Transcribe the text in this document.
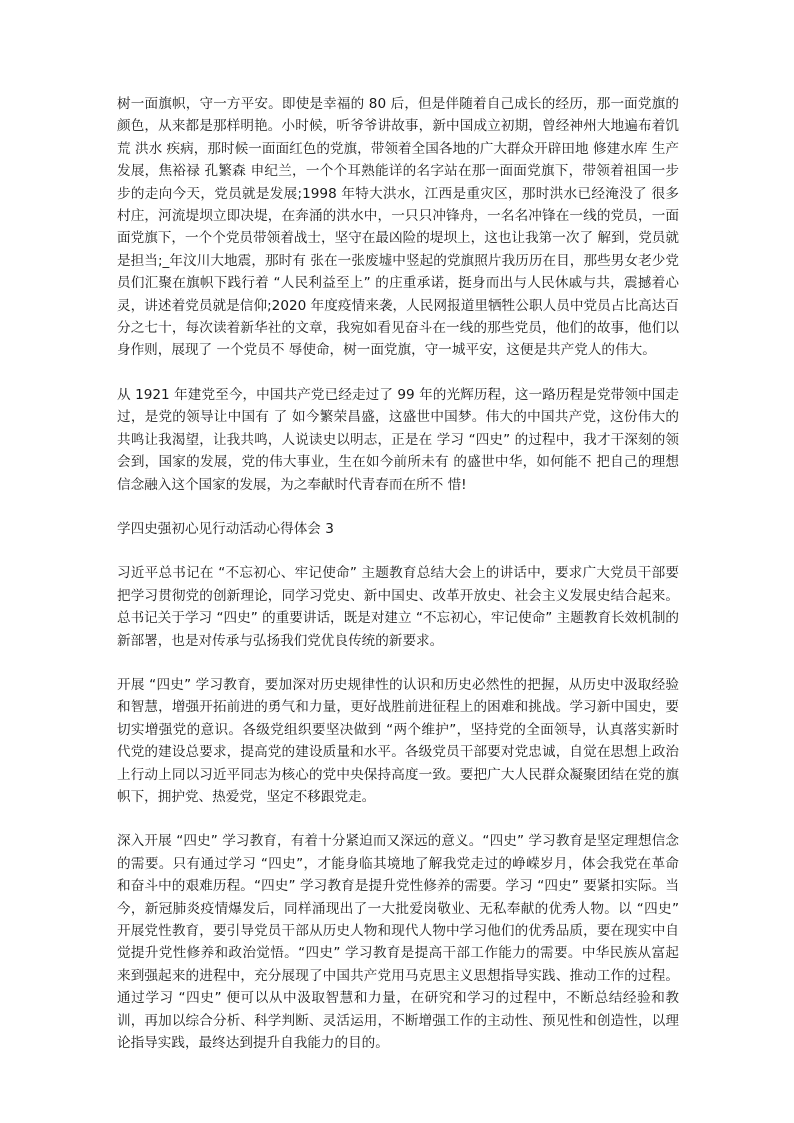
树一面旗帜，守一方平安。即使是幸福的 80 后，但是伴随着自己成长的经历，那一面党旗的颜色，从来都是那样明艳。小时候，听爷爷讲故事，新中国成立初期，曾经神州大地遍布着饥荒 洪水 疾病，那时候一面面红色的党旗，带领着全国各地的广大群众开辟田地 修建水库 生产发展，焦裕禄 孔繁森 申纪兰，一个个耳熟能详的名字站在那一面面党旗下，带领着祖国一步步的走向今天，党员就是发展;1998 年特大洪水，江西是重灾区，那时洪水已经淹没了 很多村庄，河流堤坝立即决堤，在奔涌的洪水中，一只只冲锋舟，一名名冲锋在一线的党员，一面面党旗下，一个个党员带领着战士，坚守在最凶险的堤坝上，这也让我第一次了 解到，党员就是担当;_年汶川大地震，那时有 张在一张废墟中竖起的党旗照片我历历在目，那些男女老少党员们汇聚在旗帜下践行着 “人民利益至上” 的庄重承诺，挺身而出与人民休戚与共，震撼着心灵，讲述着党员就是信仰;2020 年度疫情来袭，人民网报道里牺牲公职人员中党员占比高达百分之七十，每次读着新华社的文章，我宛如看见奋斗在一线的那些党员，他们的故事，他们以身作则，展现了 一个党员不 辱使命，树一面党旗，守一城平安，这便是共产党人的伟大。

从 1921 年建党至今，中国共产党已经走过了 99 年的光辉历程，这一路历程是党带领中国走过，是党的领导让中国有 了 如今繁荣昌盛，这盛世中国梦。伟大的中国共产党，这份伟大的共鸣让我渴望，让我共鸣，人说读史以明志，正是在 学习 “四史” 的过程中，我才干深刻的领会到，国家的发展，党的伟大事业，生在如今前所未有 的盛世中华，如何能不 把自己的理想信念融入这个国家的发展，为之奉献时代青春而在所不 惜!

学四史强初心见行动活动心得体会 3

习近平总书记在 “不忘初心、牢记使命” 主题教育总结大会上的讲话中，要求广大党员干部要把学习贯彻党的创新理论，同学习党史、新中国史、改革开放史、社会主义发展史结合起来。总书记关于学习 “四史” 的重要讲话，既是对建立 “不忘初心，牢记使命” 主题教育长效机制的新部署，也是对传承与弘扬我们党优良传统的新要求。

开展 “四史” 学习教育，要加深对历史规律性的认识和历史必然性的把握，从历史中汲取经验和智慧，增强开拓前进的勇气和力量，更好战胜前进征程上的困难和挑战。学习新中国史，要切实增强党的意识。各级党组织要坚决做到 “两个维护”，坚持党的全面领导，认真落实新时代党的建设总要求，提高党的建设质量和水平。各级党员干部要对党忠诚，自觉在思想上政治上行动上同以习近平同志为核心的党中央保持高度一致。要把广大人民群众凝聚团结在党的旗帜下，拥护党、热爱党，坚定不移跟党走。

深入开展 “四史” 学习教育，有着十分紧迫而又深远的意义。“四史” 学习教育是坚定理想信念的需要。只有通过学习 “四史”，才能身临其境地了解我党走过的峥嵘岁月，体会我党在革命和奋斗中的艰难历程。“四史” 学习教育是提升党性修养的需要。学习 “四史” 要紧扣实际。当今，新冠肺炎疫情爆发后，同样涌现出了一大批爱岗敬业、无私奉献的优秀人物。以 “四史” 开展党性教育，要引导党员干部从历史人物和现代人物中学习他们的优秀品质，要在现实中自觉提升党性修养和政治觉悟。“四史” 学习教育是提高干部工作能力的需要。中华民族从富起来到强起来的进程中，充分展现了中国共产党用马克思主义思想指导实践、推动工作的过程。通过学习 “四史” 便可以从中汲取智慧和力量，在研究和学习的过程中，不断总结经验和教训，再加以综合分析、科学判断、灵活运用，不断增强工作的主动性、预见性和创造性，以理论指导实践，最终达到提升自我能力的目的。
